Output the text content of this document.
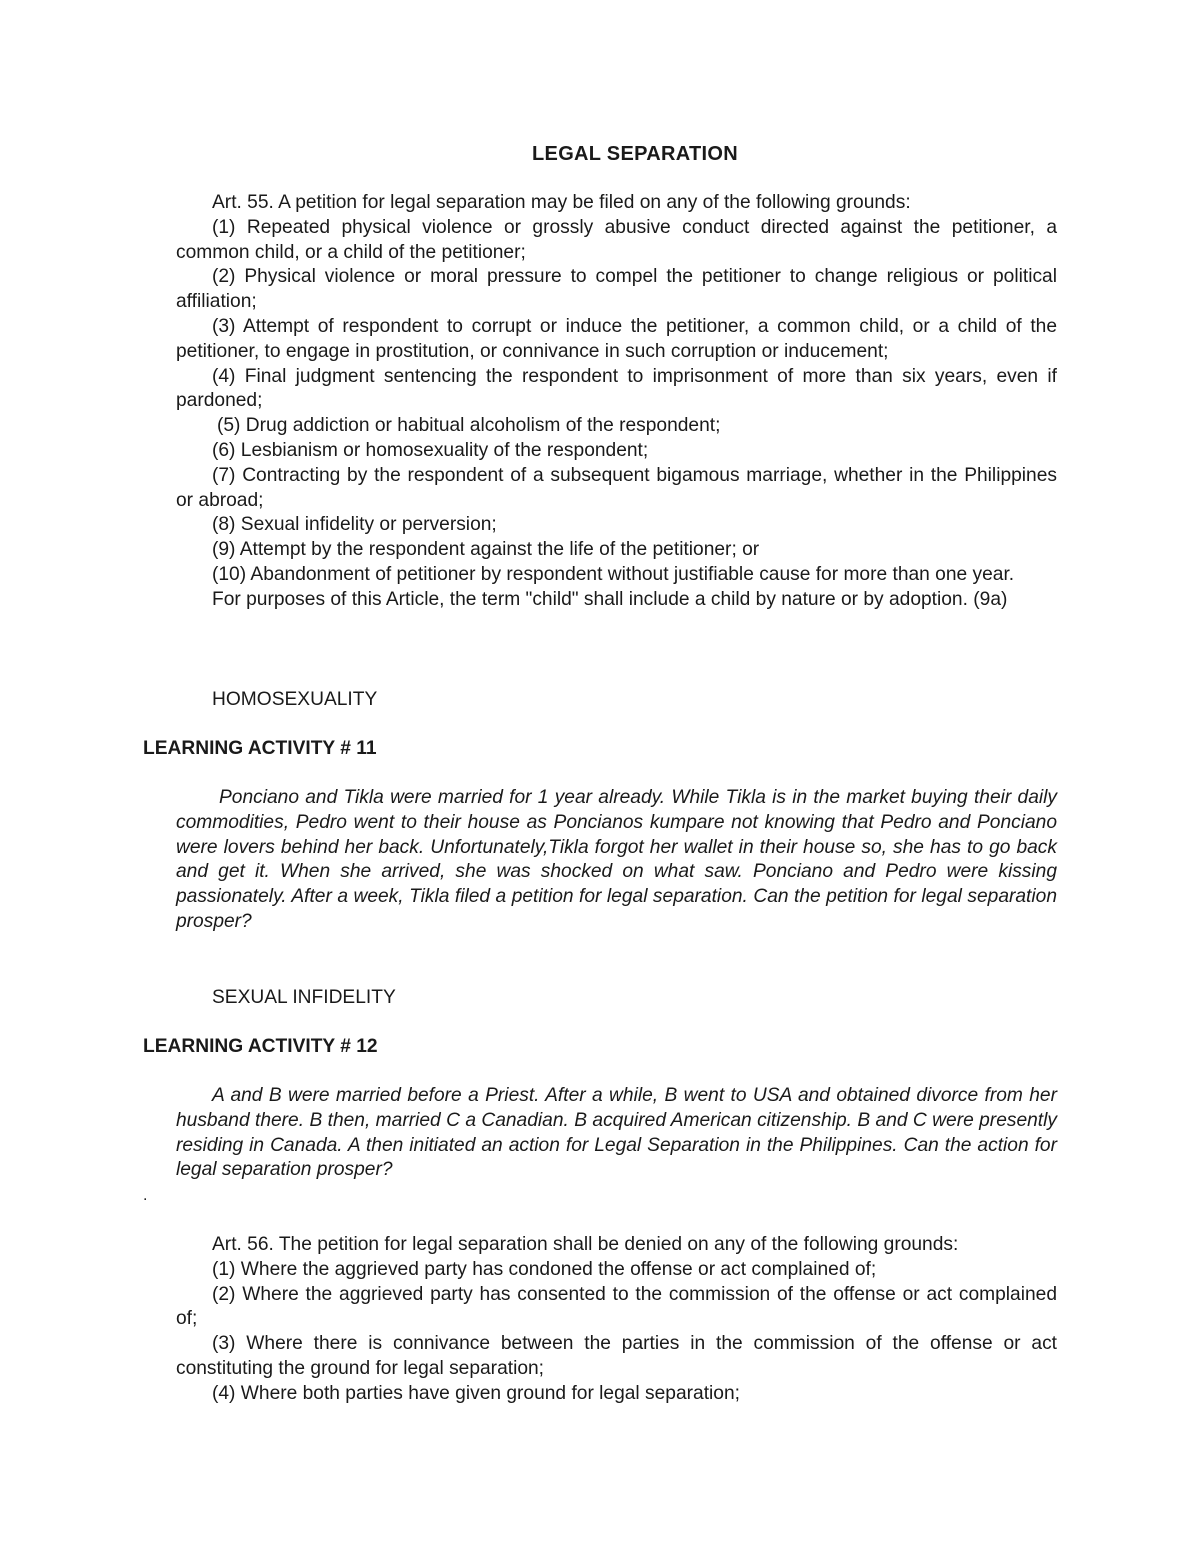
LEGAL SEPARATION

Art. 55. A petition for legal separation may be filed on any of the following grounds:

(1) Repeated physical violence or grossly abusive conduct directed against the petitioner, a common child, or a child of the petitioner;

(2) Physical violence or moral pressure to compel the petitioner to change religious or political affiliation;

(3) Attempt of respondent to corrupt or induce the petitioner, a common child, or a child of the petitioner, to engage in prostitution, or connivance in such corruption or inducement;

(4) Final judgment sentencing the respondent to imprisonment of more than six years, even if pardoned;

(5) Drug addiction or habitual alcoholism of the respondent;

(6) Lesbianism or homosexuality of the respondent;

(7) Contracting by the respondent of a subsequent bigamous marriage, whether in the Philippines or abroad;

(8) Sexual infidelity or perversion;

(9) Attempt by the respondent against the life of the petitioner; or

(10) Abandonment of petitioner by respondent without justifiable cause for more than one year.

For purposes of this Article, the term "child" shall include a child by nature or by adoption. (9a)

HOMOSEXUALITY
LEARNING ACTIVITY # 11

Ponciano and Tikla were married for 1 year already. While Tikla is in the market buying their daily commodities, Pedro went to their house as Poncianos kumpare not knowing that Pedro and Ponciano were lovers behind her back. Unfortunately,Tikla forgot her wallet in their house so, she has to go back and get it. When she arrived, she was shocked on what saw. Ponciano and Pedro were kissing passionately. After a week, Tikla filed a petition for legal separation. Can the petition for legal separation prosper?

SEXUAL INFIDELITY
LEARNING ACTIVITY # 12

A and B were married before a Priest. After a while, B went to USA and obtained divorce from her husband there. B then, married C a Canadian. B acquired American citizenship. B and C were presently residing in Canada. A then initiated an action for Legal Separation in the Philippines. Can the action for legal separation prosper?

.

Art. 56. The petition for legal separation shall be denied on any of the following grounds:

(1) Where the aggrieved party has condoned the offense or act complained of;

(2) Where the aggrieved party has consented to the commission of the offense or act complained of;

(3) Where there is connivance between the parties in the commission of the offense or act constituting the ground for legal separation;

(4) Where both parties have given ground for legal separation;
